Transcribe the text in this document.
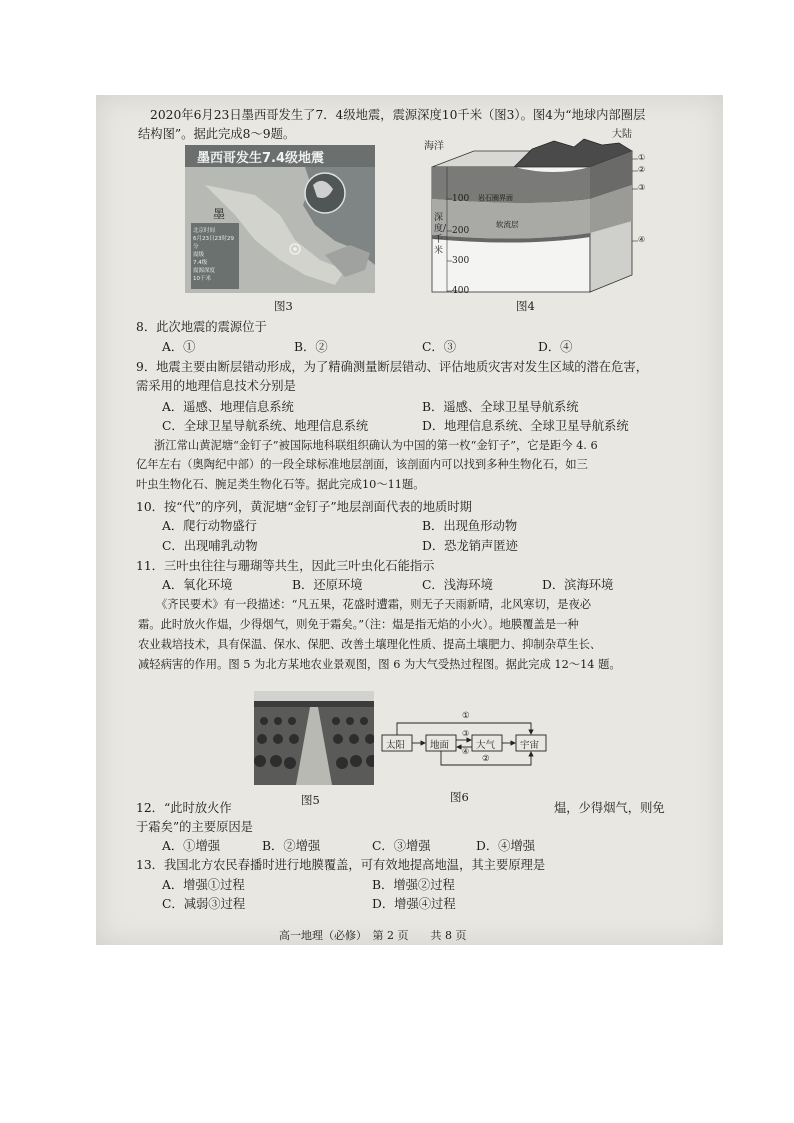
2020年6月23日墨西哥发生了7．4级地震，震源深度10千米（图3）。图4为“地球内部圈层
结构图”。据此完成8～9题。
墨西哥发生7.4级地震
墨
北京时间
6月23日23时29分
震级
7.4级
震源深度
10千米
图3
海洋
大陆
岩石圈界面
软流层
深度/千米
100
200
300
400
①
②
③
④
图4
8．此次地震的震源位于
A．①	B．②	C．③	D．④
9．地震主要由断层错动形成，为了精确测量断层错动、评估地质灾害对发生区域的潜在危害，
需采用的地理信息技术分别是
A．遥感、地理信息系统	B．遥感、全球卫星导航系统
C．全球卫星导航系统、地理信息系统	D．地理信息系统、全球卫星导航系统
浙江常山黄泥塘“金钉子”被国际地科联组织确认为中国的第一枚“金钉子”，它是距今 4. 6
亿年左右（奥陶纪中部）的一段全球标准地层剖面，该剖面内可以找到多种生物化石，如三
叶虫生物化石、腕足类生物化石等。据此完成10～11题。
10．按“代”的序列，黄泥塘“金钉子”地层剖面代表的地质时期
A．爬行动物盛行	B．出现鱼形动物
C．出现哺乳动物	D．恐龙销声匿迹
11．三叶虫往往与珊瑚等共生，因此三叶虫化石能指示
A．氧化环境	B．还原环境	C．浅海环境	D．滨海环境
《齐民要术》有一段描述：“凡五果，花盛时遭霜，则无子天雨新晴，北风寒切，是夜必
霜。此时放火作煴，少得烟气，则免于霜矣。”（注：煴是指无焰的小火）。地膜覆盖是一种
农业栽培技术，具有保温、保水、保肥、改善土壤理化性质、提高土壤肥力、抑制杂草生长、
减轻病害的作用。图 5 为北方某地农业景观图，图 6 为大气受热过程图。据此完成 12～14 题。
图5
太阳	地面	大气	宇宙
①
③
④
②
图6
12．“此时放火作	煴，少得烟气，则免
于霜矣”的主要原因是
A．①增强	B．②增强	C．③增强	D．④增强
13．我国北方农民春播时进行地膜覆盖，可有效地提高地温，其主要原理是
A．增强①过程	B．增强②过程
C．减弱③过程	D．增强④过程
高一地理（必修）　第 2 页　　共 8 页
